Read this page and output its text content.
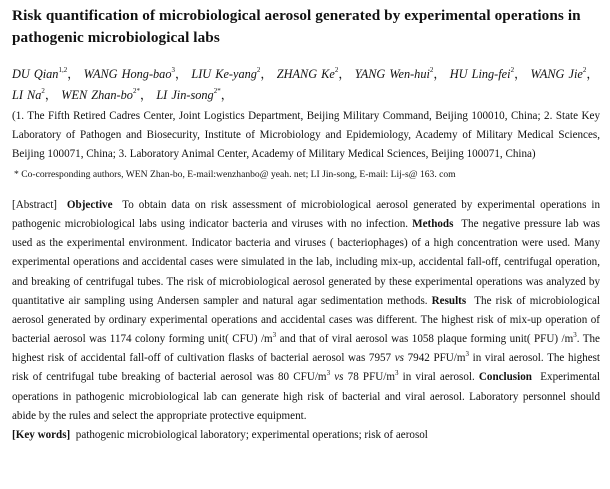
Risk quantification of microbiological aerosol generated by experimental operations in pathogenic microbiological labs
DU Qian$^{1,2}$， WANG Hong-bao$^3$， LIU Ke-yang$^2$， ZHANG Ke$^2$， YANG Wen-hui$^2$， HU Ling-fei$^2$， WANG Jie$^2$， LI Na$^2$， WEN Zhan-$bo^{2*}$， LI Jin-song$^{2*}$，
(1. The Fifth Retired Cadres Center, Joint Logistics Department, Beijing Military Command, Beijing 100010, China; 2. State Key Laboratory of Pathogen and Biosecurity, Institute of Microbiology and Epidemiology, Academy of Military Medical Sciences, Beijing 100071, China; 3. Laboratory Animal Center, Academy of Military Medical Sciences, Beijing 100071, China)
* Co-corresponding authors, WEN Zhan-bo, E-mail:wenzhanbo@ yeah. net; LI Jin-song, E-mail: Lij-s@ 163. com
[Abstract] Objective To obtain data on risk assessment of microbiological aerosol generated by experimental operations in pathogenic microbiological labs using indicator bacteria and viruses with no infection. Methods The negative pressure lab was used as the experimental environment. Indicator bacteria and viruses ( bacteriophages) of a high concentration were used. Many experimental operations and accidental cases were simulated in the lab, including mix-up, accidental fall-off, centrifugal operation, and breaking of centrifugal tubes. The risk of microbiological aerosol generated by these experimental operations was analyzed by quantitative air sampling using Andersen sampler and natural agar sedimentation methods. Results The risk of microbiological aerosol generated by ordinary experimental operations and accidental cases was different. The highest risk of mix-up operation of bacterial aerosol was 1174 colony forming unit( CFU) $/m^3$ and that of viral aerosol was 1058 plaque forming unit( PFU) $/m^3$. The highest risk of accidental fall-off of cultivation flasks of bacterial aerosol was 7957 vs 7942 PFU/$m^3$ in viral aerosol. The highest risk of centrifugal tube breaking of bacterial aerosol was 80 CFU/$m^3$ vs 78 PFU/$m^3$ in viral aerosol. Conclusion Experimental operations in pathogenic microbiological lab can generate high risk of bacterial and viral aerosol. Laboratory personnel should abide by the rules and select the appropriate protective equipment.
[Key words] pathogenic microbiological laboratory; experimental operations; risk of aerosol
